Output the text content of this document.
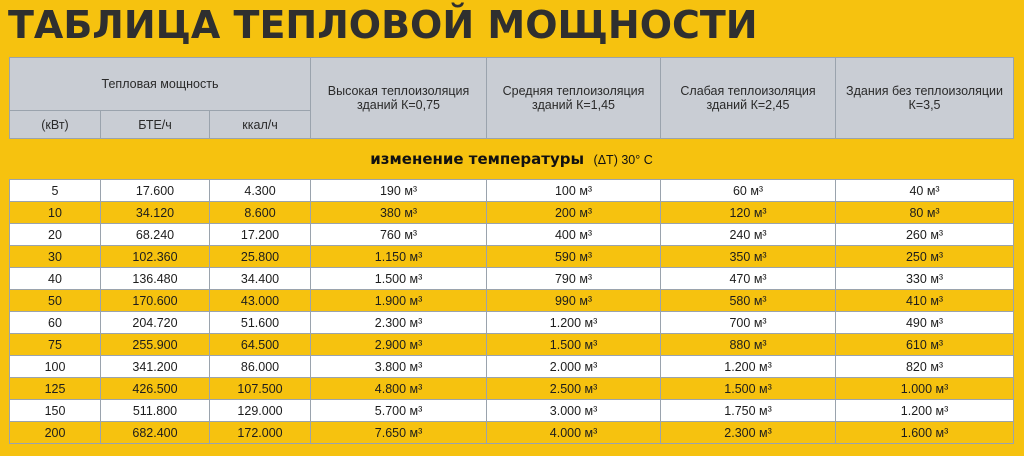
ТАБЛИЦА ТЕПЛОВОЙ МОЩНОСТИ
Тепловая мощность			Высокая теплоизоляция зданий К=0,75	Средняя теплоизоляция зданий К=1,45	Слабая теплоизоляция зданий К=2,45	Здания без теплоизоляции К=3,5
(кВт)	БТЕ/ч	ккал/ч				
изменение температуры (ΔT) 30° С						
5	17.600	4.300	190 м³	100 м³	60 м³	40 м³
10	34.120	8.600	380 м³	200 м³	120 м³	80 м³
20	68.240	17.200	760 м³	400 м³	240 м³	260 м³
30	102.360	25.800	1.150 м³	590 м³	350 м³	250 м³
40	136.480	34.400	1.500 м³	790 м³	470 м³	330 м³
50	170.600	43.000	1.900 м³	990 м³	580 м³	410 м³
60	204.720	51.600	2.300 м³	1.200 м³	700 м³	490 м³
75	255.900	64.500	2.900 м³	1.500 м³	880 м³	610 м³
100	341.200	86.000	3.800 м³	2.000 м³	1.200 м³	820 м³
125	426.500	107.500	4.800 м³	2.500 м³	1.500 м³	1.000 м³
150	511.800	129.000	5.700 м³	3.000 м³	1.750 м³	1.200 м³
200	682.400	172.000	7.650 м³	4.000 м³	2.300 м³	1.600 м³
